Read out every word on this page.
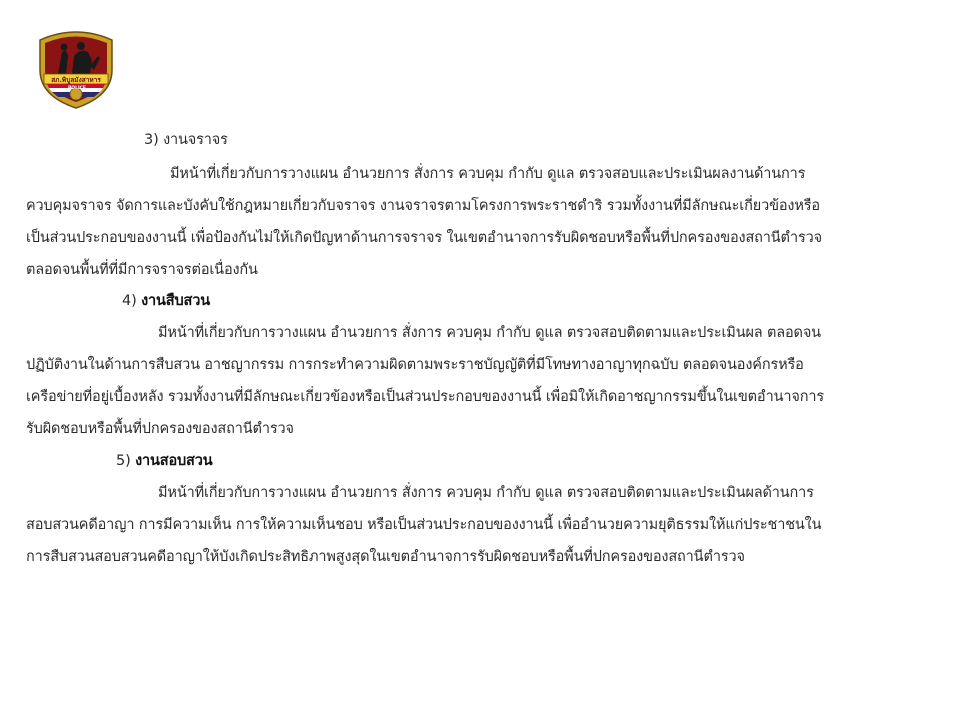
สภ.พิบูลมังสาหาร
POLICE
3) งานจราจร
มีหน้าที่เกี่ยวกับการวางแผน อำนวยการ สั่งการ ควบคุม กำกับ ดูแล ตรวจสอบและประเมินผลงานด้านการ
ควบคุมจราจร จัดการและบังคับใช้กฎหมายเกี่ยวกับจราจร งานจราจรตามโครงการพระราชดำริ รวมทั้งงานที่มีลักษณะเกี่ยวข้องหรือ
เป็นส่วนประกอบของงานนี้ เพื่อป้องกันไม่ให้เกิดปัญหาด้านการจราจร ในเขตอำนาจการรับผิดชอบหรือพื้นที่ปกครองของสถานีตำรวจ
ตลอดจนพื้นที่ที่มีการจราจรต่อเนื่องกัน
4) งานสืบสวน
มีหน้าที่เกี่ยวกับการวางแผน อำนวยการ สั่งการ ควบคุม กำกับ ดูแล ตรวจสอบติดตามและประเมินผล ตลอดจน
ปฏิบัติงานในด้านการสืบสวน อาชญากรรม การกระทำความผิดตามพระราชบัญญัติที่มีโทษทางอาญาทุกฉบับ ตลอดจนองค์กรหรือ
เครือข่ายที่อยู่เบื้องหลัง รวมทั้งงานที่มีลักษณะเกี่ยวข้องหรือเป็นส่วนประกอบของงานนี้ เพื่อมิให้เกิดอาชญากรรมขึ้นในเขตอำนาจการ
รับผิดชอบหรือพื้นที่ปกครองของสถานีตำรวจ
5) งานสอบสวน
มีหน้าที่เกี่ยวกับการวางแผน อำนวยการ สั่งการ ควบคุม กำกับ ดูแล ตรวจสอบติดตามและประเมินผลด้านการ
สอบสวนคดีอาญา การมีความเห็น การให้ความเห็นชอบ หรือเป็นส่วนประกอบของงานนี้ เพื่ออำนวยความยุติธรรมให้แก่ประชาชนใน
การสืบสวนสอบสวนคดีอาญาให้บังเกิดประสิทธิภาพสูงสุดในเขตอำนาจการรับผิดชอบหรือพื้นที่ปกครองของสถานีตำรวจ
